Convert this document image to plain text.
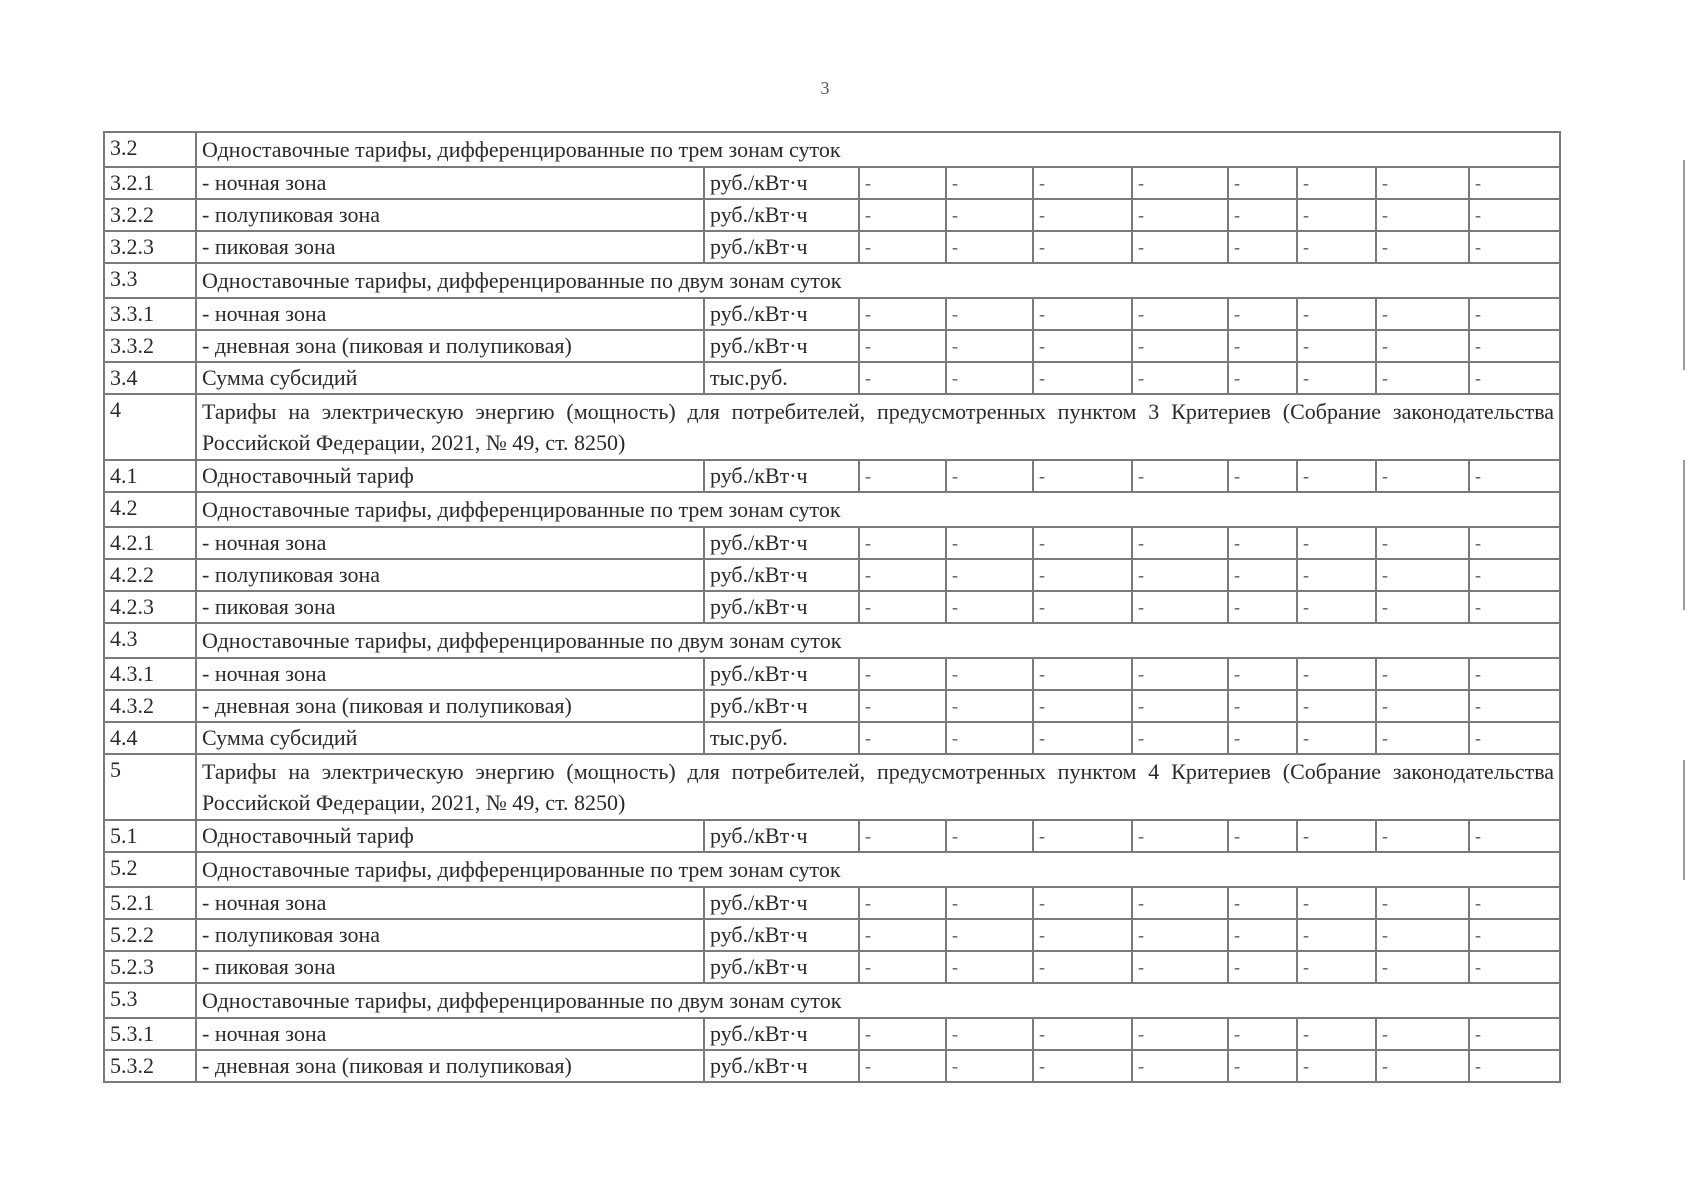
3
3.2	Одноставочные тарифы, дифференцированные по трем зонам суток									
3.2.1	- ночная зона	руб./кВт·ч	-	-	-	-	-	-	-	-
3.2.2	- полупиковая зона	руб./кВт·ч	-	-	-	-	-	-	-	-
3.2.3	- пиковая зона	руб./кВт·ч	-	-	-	-	-	-	-	-
3.3	Одноставочные тарифы, дифференцированные по двум зонам суток									
3.3.1	- ночная зона	руб./кВт·ч	-	-	-	-	-	-	-	-
3.3.2	- дневная зона (пиковая и полупиковая)	руб./кВт·ч	-	-	-	-	-	-	-	-
3.4	Сумма субсидий	тыс.руб.	-	-	-	-	-	-	-	-
4	Тарифы на электрическую энергию (мощность) для потребителей, предусмотренных пунктом 3 Критериев (Собрание законодательства Российской Федерации, 2021, № 49, ст. 8250)									
4.1	Одноставочный тариф	руб./кВт·ч	-	-	-	-	-	-	-	-
4.2	Одноставочные тарифы, дифференцированные по трем зонам суток									
4.2.1	- ночная зона	руб./кВт·ч	-	-	-	-	-	-	-	-
4.2.2	- полупиковая зона	руб./кВт·ч	-	-	-	-	-	-	-	-
4.2.3	- пиковая зона	руб./кВт·ч	-	-	-	-	-	-	-	-
4.3	Одноставочные тарифы, дифференцированные по двум зонам суток									
4.3.1	- ночная зона	руб./кВт·ч	-	-	-	-	-	-	-	-
4.3.2	- дневная зона (пиковая и полупиковая)	руб./кВт·ч	-	-	-	-	-	-	-	-
4.4	Сумма субсидий	тыс.руб.	-	-	-	-	-	-	-	-
5	Тарифы на электрическую энергию (мощность) для потребителей, предусмотренных пунктом 4 Критериев (Собрание законодательства Российской Федерации, 2021, № 49, ст. 8250)									
5.1	Одноставочный тариф	руб./кВт·ч	-	-	-	-	-	-	-	-
5.2	Одноставочные тарифы, дифференцированные по трем зонам суток									
5.2.1	- ночная зона	руб./кВт·ч	-	-	-	-	-	-	-	-
5.2.2	- полупиковая зона	руб./кВт·ч	-	-	-	-	-	-	-	-
5.2.3	- пиковая зона	руб./кВт·ч	-	-	-	-	-	-	-	-
5.3	Одноставочные тарифы, дифференцированные по двум зонам суток									
5.3.1	- ночная зона	руб./кВт·ч	-	-	-	-	-	-	-	-
5.3.2	- дневная зона (пиковая и полупиковая)	руб./кВт·ч	-	-	-	-	-	-	-	-
